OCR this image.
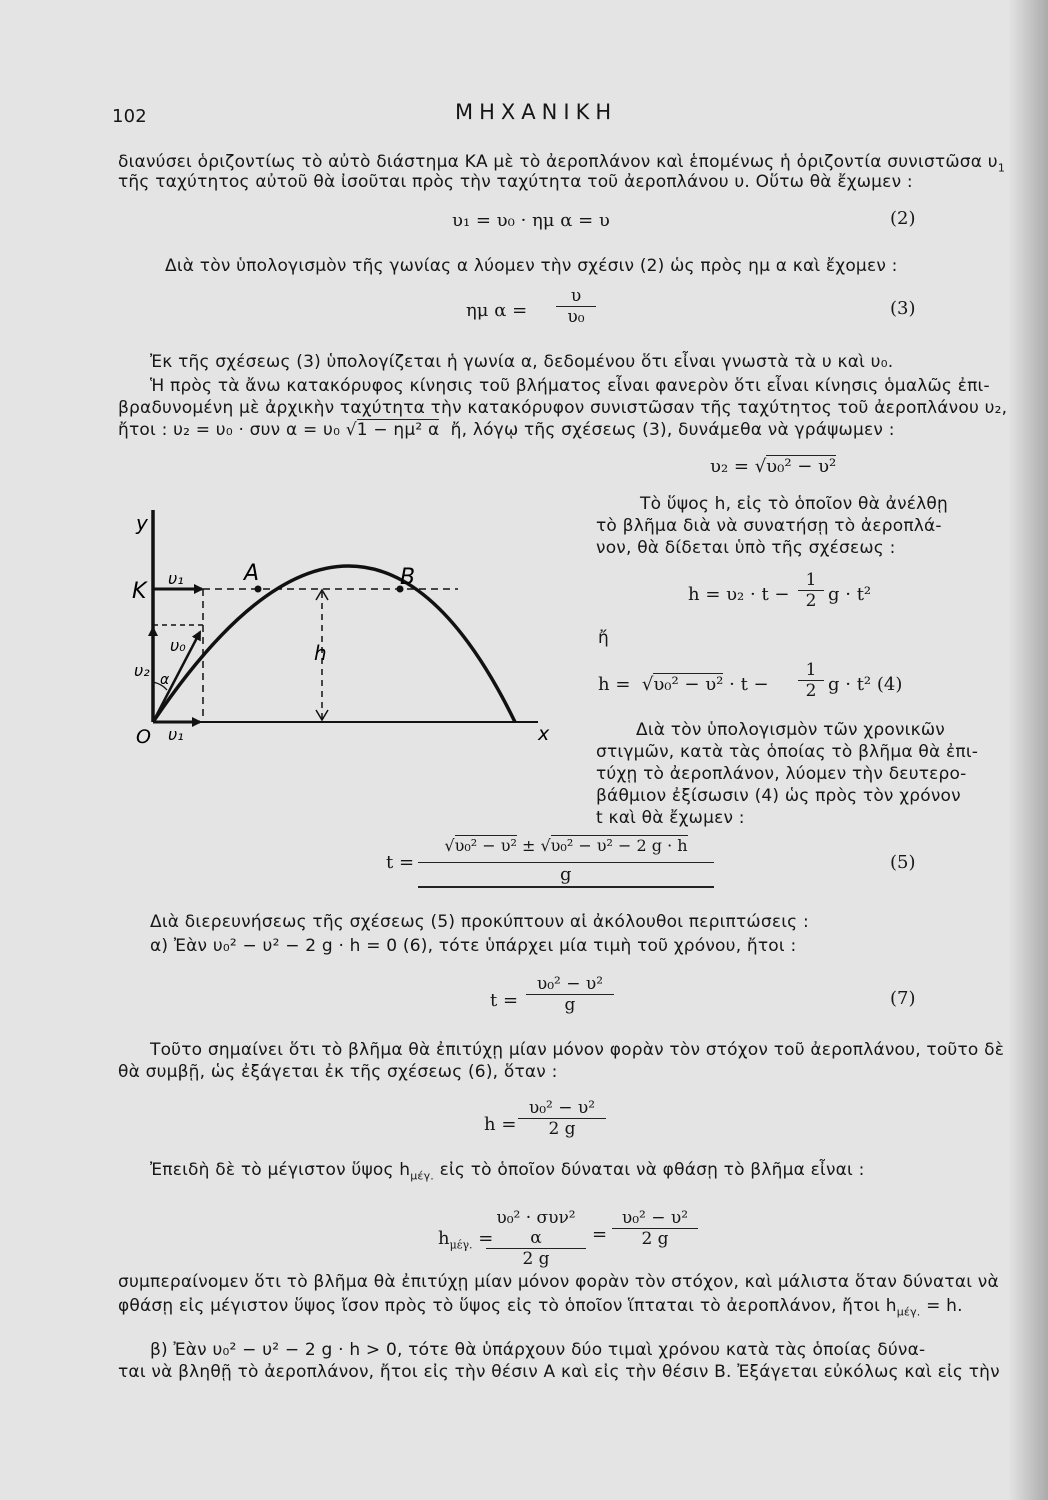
102	ΜΗΧΑΝΙΚΗ
διανύσει ὁριζοντίως τὸ αὐτὸ διάστημα ΚΑ μὲ τὸ ἀεροπλάνον καὶ ἑπομένως ἡ ὁριζοντία συνιστῶσα $\upsilon_1$
τῆς ταχύτητος αὐτοῦ θὰ ἰσοῦται πρὸς τὴν ταχύτητα τοῦ ἀεροπλάνου υ. Οὕτω θὰ ἔχωμεν :
υ₁ = υ₀ · ημ α = υ	(2)
Διὰ τὸν ὑπολογισμὸν τῆς γωνίας α λύομεν τὴν σχέσιν (2) ὡς πρὸς ημ α καὶ ἔχομεν :
ημ $\alpha = \frac{\upsilon}{\text{υ₀}}$	(3)
Ἐκ τῆς σχέσεως (3) ὑπολογίζεται ἡ γωνία α, δεδομένου ὅτι εἶναι γνωστὰ τὰ υ καὶ υ₀.
Ἡ πρὸς τὰ ἄνω κατακόρυφος κίνησις τοῦ βλήματος εἶναι φανερὸν ὅτι εἶναι κίνησις ὁμαλῶς ἐπι-
βραδυνομένη μὲ ἀρχικὴν ταχύτητα τὴν κατακόρυφον συνιστῶσαν τῆς ταχύτητος τοῦ ἀεροπλάνου υ₂,
ἤτοι : υ₂ = υ₀ · συν α = υ₀ √1 − ημ² α ἤ, λόγῳ τῆς σχέσεως (3), δυνάμεθα νὰ γράψωμεν :
υ₂ = √υ₀² − υ²
y
K
O	x
A	B
h
υ₁
υ₀
υ₂ α
υ₁
Τὸ ὕψος h, εἰς τὸ ὁποῖον θὰ ἀνέλθῃ
τὸ βλῆμα διὰ νὰ συνατήσῃ τὸ ἀεροπλά-
νον, θὰ δίδεται ὑπὸ τῆς σχέσεως :
$h = \upsilon_2 \cdot t - \frac{1}{2}$ g · t²
ἤ
$h = √\upsilon_0^2 - \upsilon^2 \cdot t - \frac{1}{2}$ g · t² (4)
Διὰ τὸν ὑπολογισμὸν τῶν χρονικῶν
στιγμῶν, κατὰ τὰς ὁποίας τὸ βλῆμα θὰ ἐπι-
τύχῃ τὸ ἀεροπλάνον, λύομεν τὴν δευτερο-
βάθμιον ἐξίσωσιν (4) ὡς πρὸς τὸν χρόνον
t καὶ θὰ ἔχωμεν :
t =
√υ₀² − υ² ± √υ₀² − υ² − 2 g · h
g
(5)
Διὰ διερευνήσεως τῆς σχέσεως (5) προκύπτουν αἱ ἀκόλουθοι περιπτώσεις :
α) Ἐὰν υ₀² − υ² − 2 g · h = 0 (6), τότε ὑπάρχει μία τιμὴ τοῦ χρόνου, ἤτοι :
$t = \frac{\text{υ₀² − υ²}}{g}$	(7)
Τοῦτο σημαίνει ὅτι τὸ βλῆμα θὰ ἐπιτύχῃ μίαν μόνον φορὰν τὸν στόχον τοῦ ἀεροπλάνου, τοῦτο δὲ
θὰ συμβῇ, ὡς ἐξάγεται ἐκ τῆς σχέσεως (6), ὅταν :
$h = \frac{\text{υ₀² − υ²}}{2 g}$
Ἐπειδὴ δὲ τὸ μέγιστον ὕψος $h_{\mu έ\gamma.}$ εἰς τὸ ὁποῖον δύναται νὰ φθάσῃ τὸ βλῆμα εἶναι :
$h_{\mu έ\gamma.}$ =
υ₀² · συν² α
2 g
= $\frac{\text{υ₀² − υ²}}{2 g}$
συμπεραίνομεν ὅτι τὸ βλῆμα θὰ ἐπιτύχῃ μίαν μόνον φορὰν τὸν στόχον, καὶ μάλιστα ὅταν δύναται νὰ
φθάσῃ εἰς μέγιστον ὕψος ἴσον πρὸς τὸ ὕψος εἰς τὸ ὁποῖον ἵπταται τὸ ἀεροπλάνον, ἤτοι $h_{\mu έ\gamma.} = h$.
β) Ἐὰν υ₀² − υ² − 2 g · h > 0, τότε θὰ ὑπάρχουν δύο τιμαὶ χρόνου κατὰ τὰς ὁποίας δύνα-
ται νὰ βληθῇ τὸ ἀεροπλάνον, ἤτοι εἰς τὴν θέσιν Α καὶ εἰς τὴν θέσιν Β. Ἐξάγεται εὐκόλως καὶ εἰς τὴν
